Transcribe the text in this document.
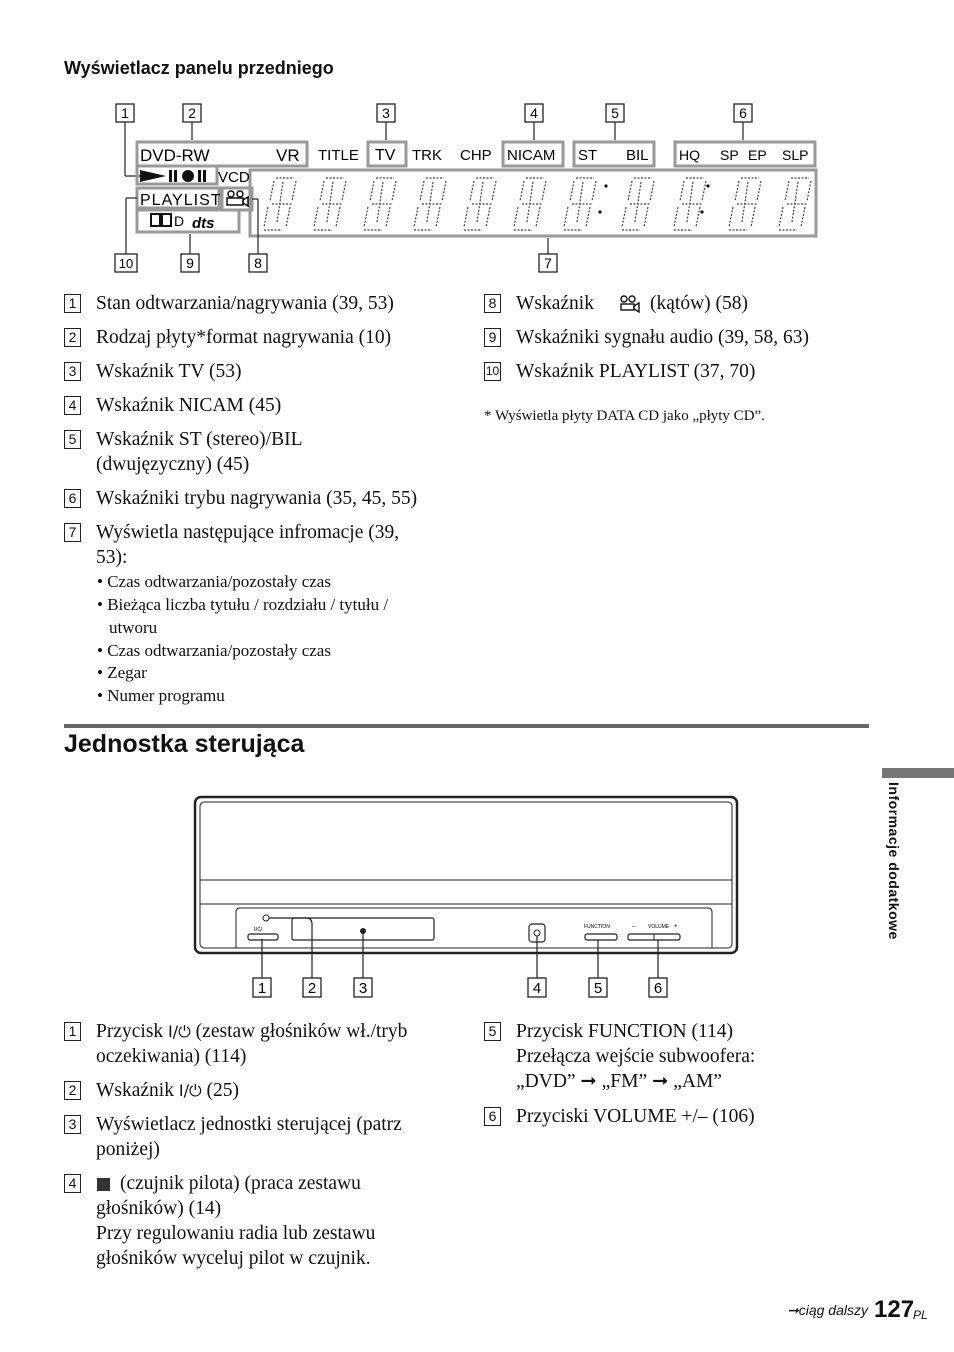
Wyświetlacz panelu przedniego
1	2	3	4	5	6
DVD-RW	VR TITLE TV TRK CHP NICAM ST BIL HQ SP EP SLP
VCD
PLAYLIST
D dts
10	9	8	7
1 Stan odtwarzania/nagrywania (39, 53)
2 Rodzaj płyty*format nagrywania (10)
3 Wskaźnik TV (53)
4 Wskaźnik NICAM (45)
5 Wskaźnik ST (stereo)/BIL
(dwujęzyczny) (45)
6 Wskaźniki trybu nagrywania (35, 45, 55)
7 Wyświetla następujące infromacje (39,
53):
• Czas odtwarzania/pozostały czas
• Bieżąca liczba tytułu / rozdziału / tytułu /
utworu
• Czas odtwarzania/pozostały czas
• Zegar
• Numer programu
8 Wskaźnik	(kątów) (58)
9 Wskaźniki sygnału audio (39, 58, 63)
10 Wskaźnik PLAYLIST (37, 70)
* Wyświetla płyty DATA CD jako „płyty CD”.
Jednostka sterująca
Informacje dodatkowe
I/⏻	FUNCTION	–	VOLUME +
1	2	3	4	5	6
1 Przycisk I/⏻ (zestaw głośników wł./tryb
oczekiwania) (114)
2 Wskaźnik I/⏻ (25)
3 Wyświetlacz jednostki sterującej (patrz
poniżej)
4 (czujnik pilota) (praca zestawu
głośników) (14)
Przy regulowaniu radia lub zestawu
głośników wyceluj pilot w czujnik.
5 Przycisk FUNCTION (114)
Przełącza wejście subwoofera:
„DVD” ➞ „FM” ➞ „AM”
6 Przyciski VOLUME +/– (106)
➞ciąg dalszy 127
PL
